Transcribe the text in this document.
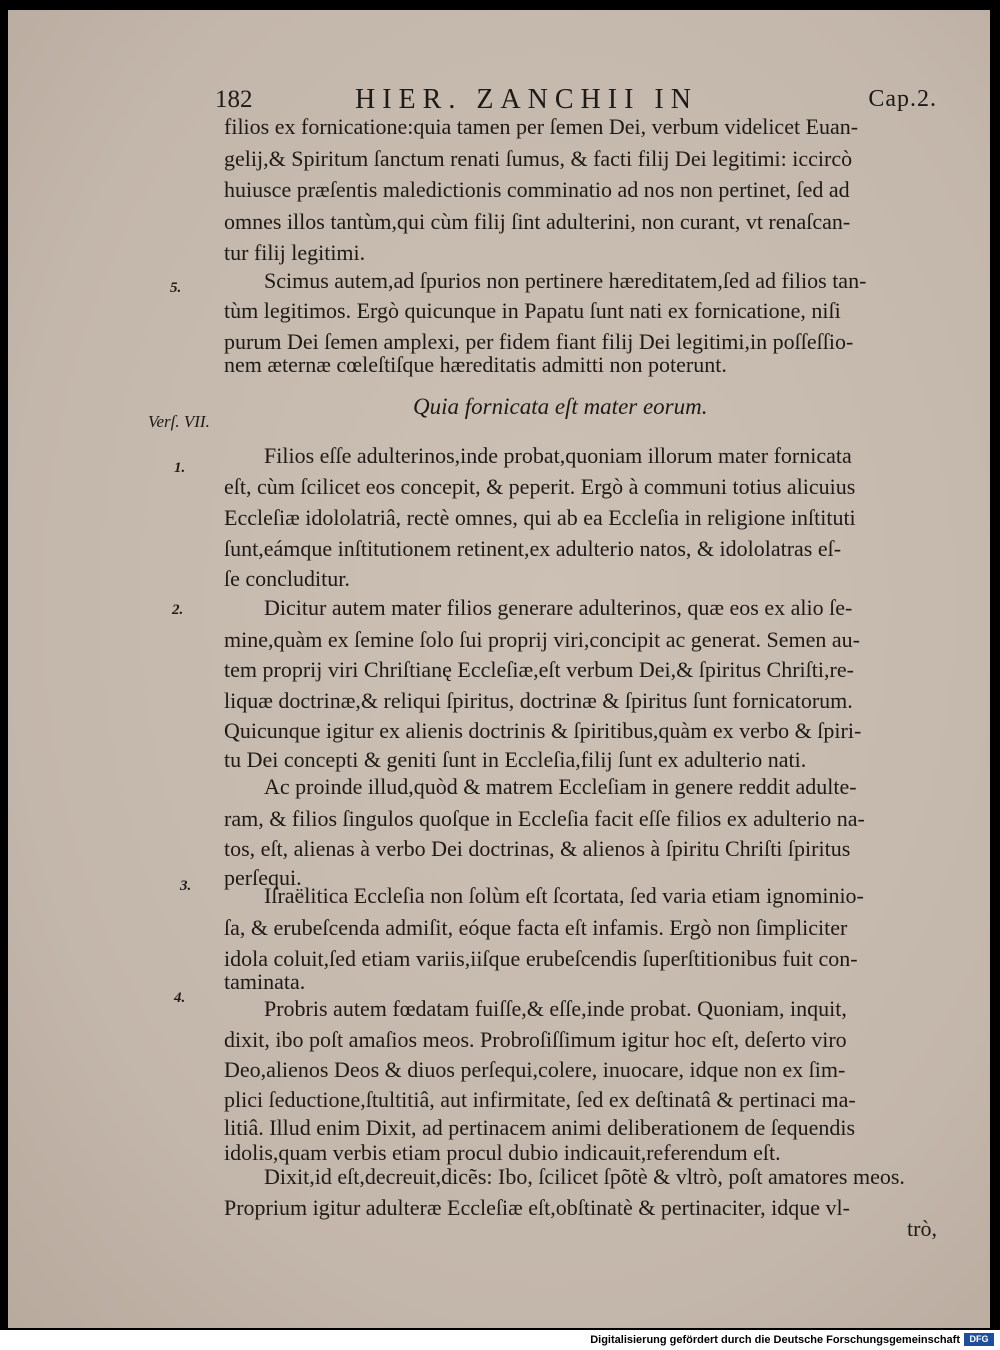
182	HIER. ZANCHII IN	Cap.2.
5.
Verſ. VII.
1.
2.
3.
4.
Quia fornicata eſt mater eorum.
filios ex fornicatione:quia tamen per ſemen Dei, verbum videlicet Euan-
gelij,& Spiritum ſanctum renati ſumus, & facti filij Dei legitimi: iccircò
huiusce præſentis maledictionis comminatio ad nos non pertinet, ſed ad
omnes illos tantùm,qui cùm filij ſint adulterini, non curant, vt renaſcan-
tur filij legitimi.
Scimus autem,ad ſpurios non pertinere hæreditatem,ſed ad filios tan-
tùm legitimos. Ergò quicunque in Papatu ſunt nati ex fornicatione, niſi
purum Dei ſemen amplexi, per fidem fiant filij Dei legitimi,in poſſeſſio-
nem æternæ cœleſtiſque hæreditatis admitti non poterunt.
Filios eſſe adulterinos,inde probat,quoniam illorum mater fornicata
eſt, cùm ſcilicet eos concepit, & peperit. Ergò à communi totius alicuius
Eccleſiæ idololatriâ, rectè omnes, qui ab ea Eccleſia in religione inſtituti
ſunt,eámque inſtitutionem retinent,ex adulterio natos, & idololatras eſ-
ſe concluditur.
Dicitur autem mater filios generare adulterinos, quæ eos ex alio ſe-
mine,quàm ex ſemine ſolo ſui proprij viri,concipit ac generat. Semen au-
tem proprij viri Chriſtianę Eccleſiæ,eſt verbum Dei,& ſpiritus Chriſti,re-
liquæ doctrinæ,& reliqui ſpiritus, doctrinæ & ſpiritus ſunt fornicatorum.
Quicunque igitur ex alienis doctrinis & ſpiritibus,quàm ex verbo & ſpiri-
tu Dei concepti & geniti ſunt in Eccleſia,filij ſunt ex adulterio nati.
Ac proinde illud,quòd & matrem Eccleſiam in genere reddit adulte-
ram, & filios ſingulos quoſque in Eccleſia facit eſſe filios ex adulterio na-
tos, eſt, alienas à verbo Dei doctrinas, & alienos à ſpiritu Chriſti ſpiritus
perſequi.
Iſraëlitica Eccleſia non ſolùm eſt ſcortata, ſed varia etiam ignominio-
ſa, & erubeſcenda admiſit, eóque facta eſt infamis. Ergò non ſimpliciter
idola coluit,ſed etiam variis,iiſque erubeſcendis ſuperſtitionibus fuit con-
taminata.
Probris autem fœdatam fuiſſe,& eſſe,inde probat. Quoniam, inquit,
dixit, ibo poſt amaſios meos. Probroſiſſimum igitur hoc eſt, deſerto viro
Deo,alienos Deos & diuos perſequi,colere, inuocare, idque non ex ſim-
plici ſeductione,ſtultitiâ, aut infirmitate, ſed ex deſtinatâ & pertinaci ma-
litiâ. Illud enim Dixit, ad pertinacem animi deliberationem de ſequendis
idolis,quam verbis etiam procul dubio indicauit,referendum eſt.
Dixit,id eſt,decreuit,dicẽs: Ibo, ſcilicet ſpõtè & vltrò, poſt amatores meos.
Proprium igitur adulteræ Eccleſiæ eſt,obſtinatè & pertinaciter, idque vl-
trò,
Digitalisierung gefördert durch die Deutsche Forschungsgemeinschaft	DFG
